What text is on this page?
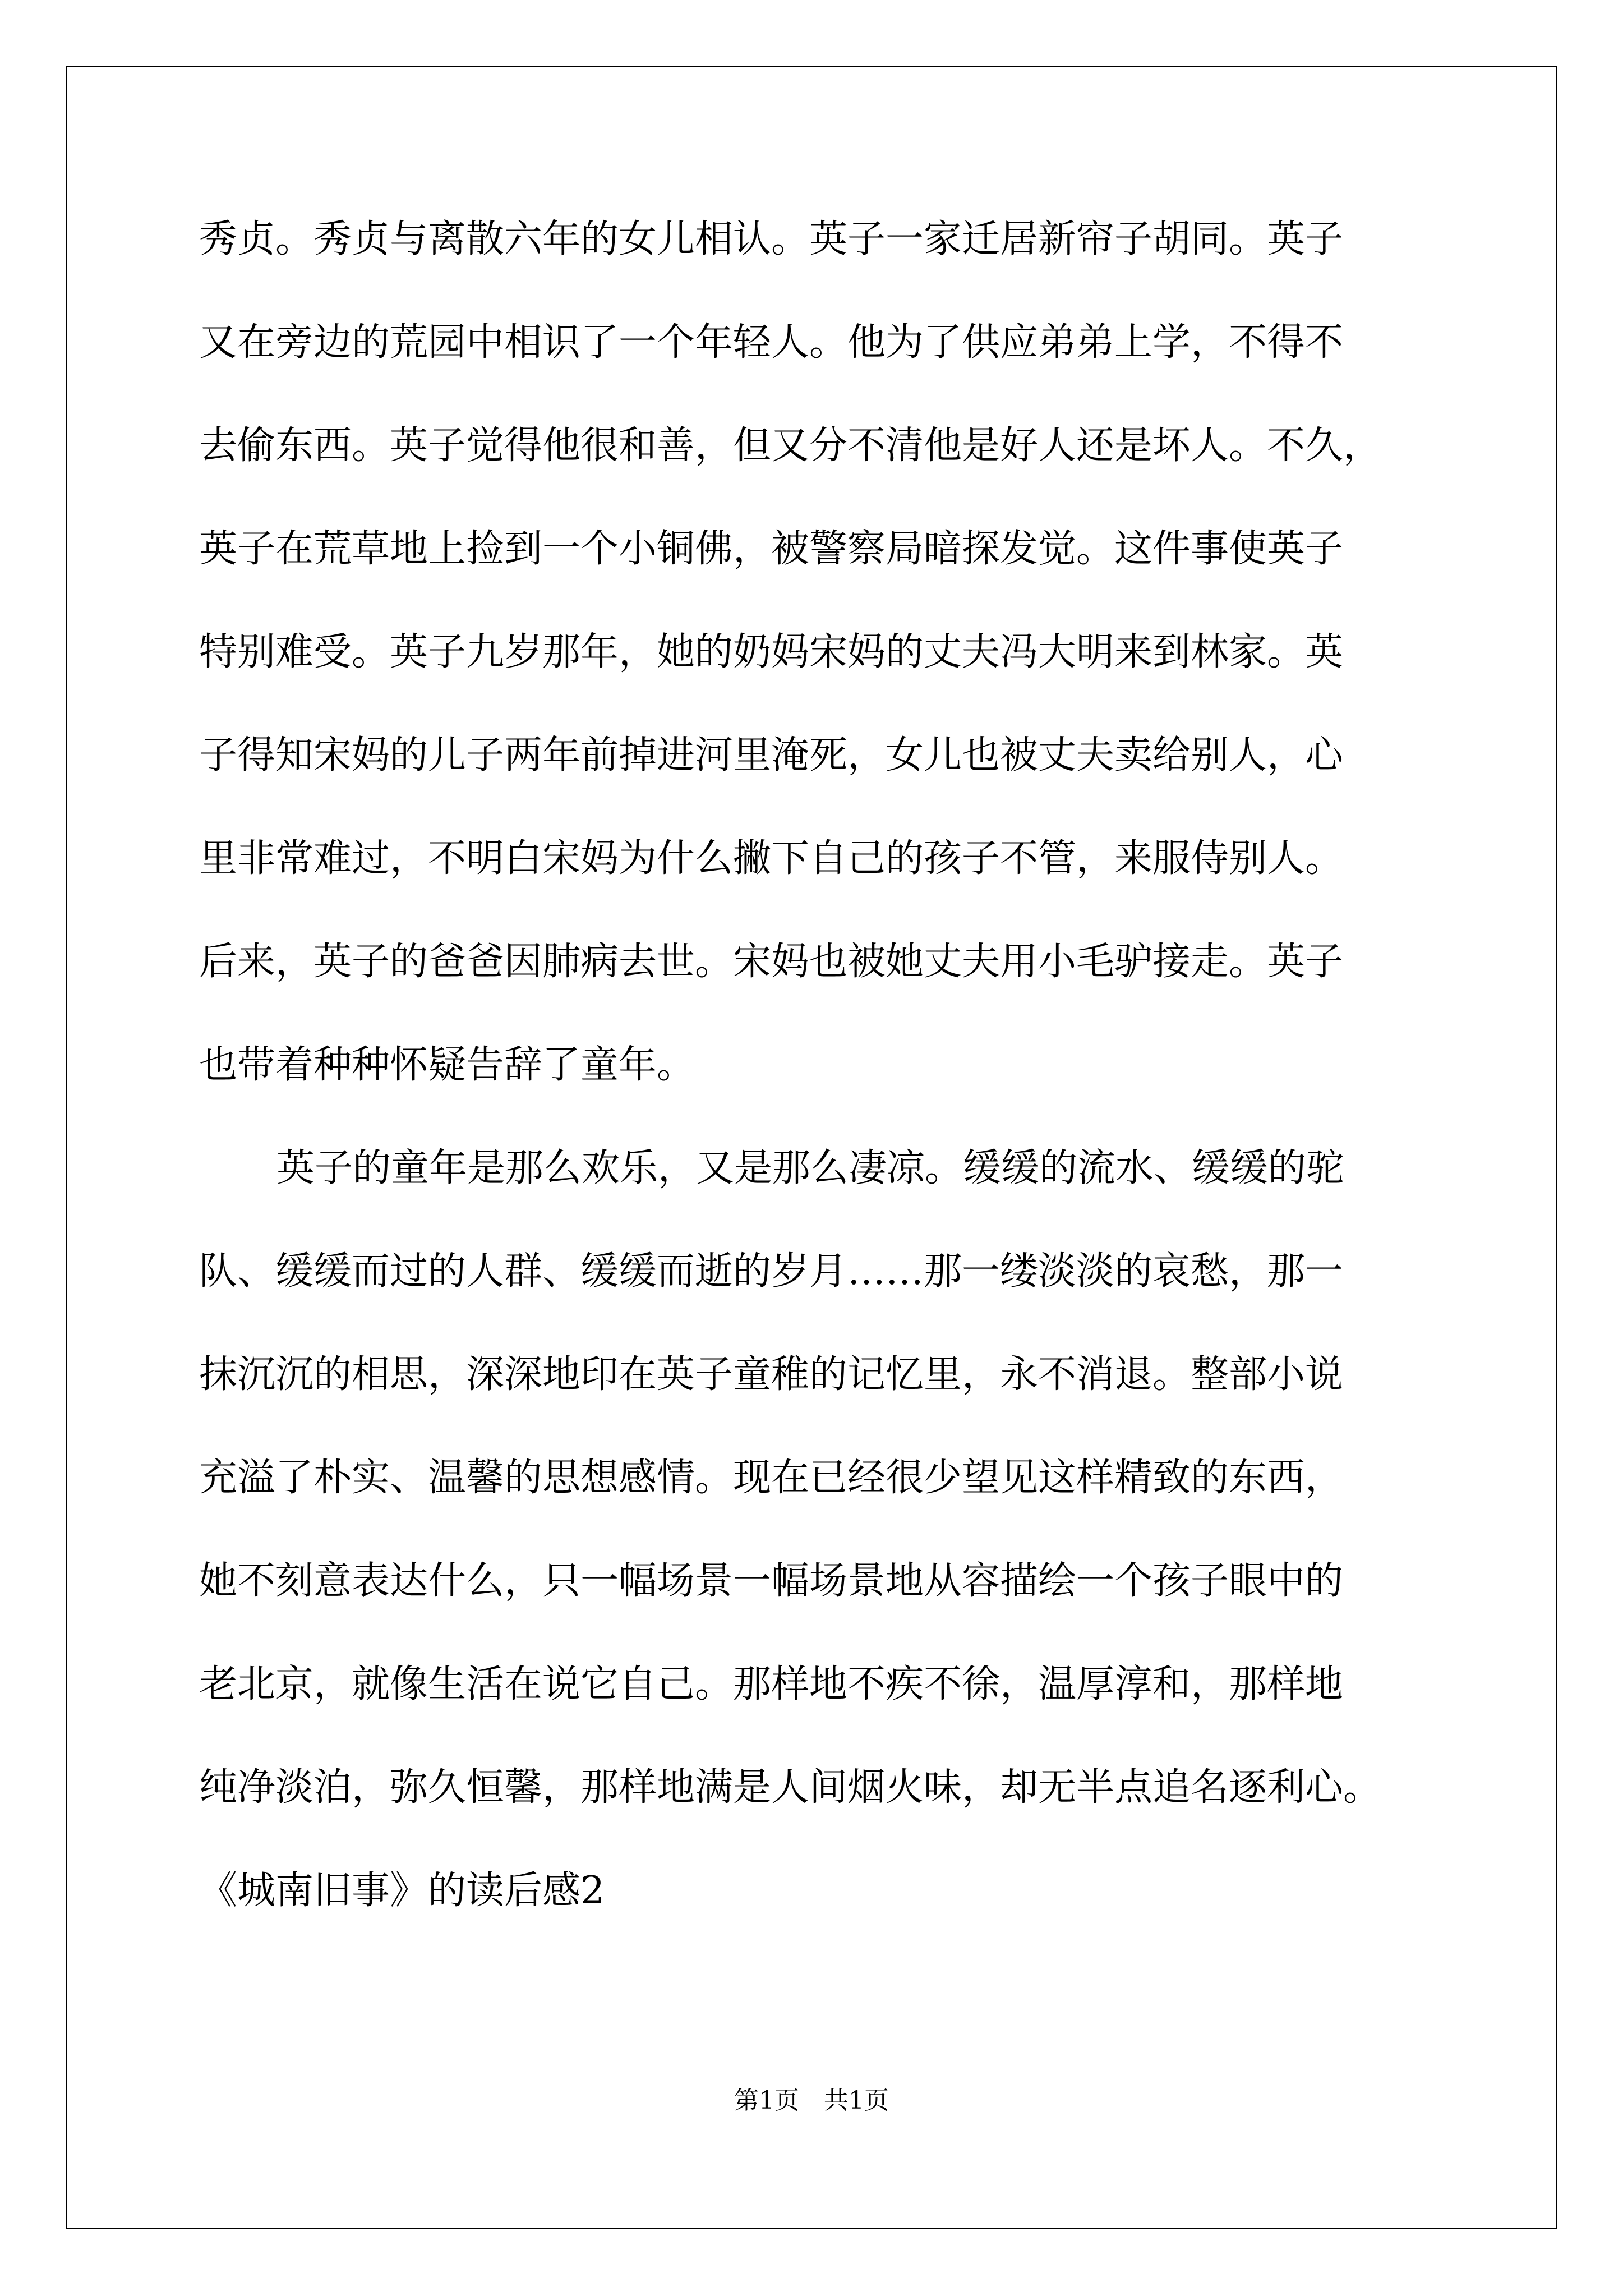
秀贞。秀贞与离散六年的女儿相认。英子一家迁居新帘子胡同。英子
又在旁边的荒园中相识了一个年轻人。他为了供应弟弟上学，不得不
去偷东西。英子觉得他很和善，但又分不清他是好人还是坏人。不久，
英子在荒草地上捡到一个小铜佛，被警察局暗探发觉。这件事使英子
特别难受。英子九岁那年，她的奶妈宋妈的丈夫冯大明来到林家。英
子得知宋妈的儿子两年前掉进河里淹死，女儿也被丈夫卖给别人，心
里非常难过，不明白宋妈为什么撇下自己的孩子不管，来服侍别人。
后来，英子的爸爸因肺病去世。宋妈也被她丈夫用小毛驴接走。英子
也带着种种怀疑告辞了童年。
英子的童年是那么欢乐，又是那么凄凉。缓缓的流水、缓缓的驼
队、缓缓而过的人群、缓缓而逝的岁月……那一缕淡淡的哀愁，那一
抹沉沉的相思，深深地印在英子童稚的记忆里，永不消退。整部小说
充溢了朴实、温馨的思想感情。现在已经很少望见这样精致的东西，
她不刻意表达什么，只一幅场景一幅场景地从容描绘一个孩子眼中的
老北京，就像生活在说它自己。那样地不疾不徐，温厚淳和，那样地
纯净淡泊，弥久恒馨，那样地满是人间烟火味，却无半点追名逐利心。
《城南旧事》的读后感2
第1页 共1页
